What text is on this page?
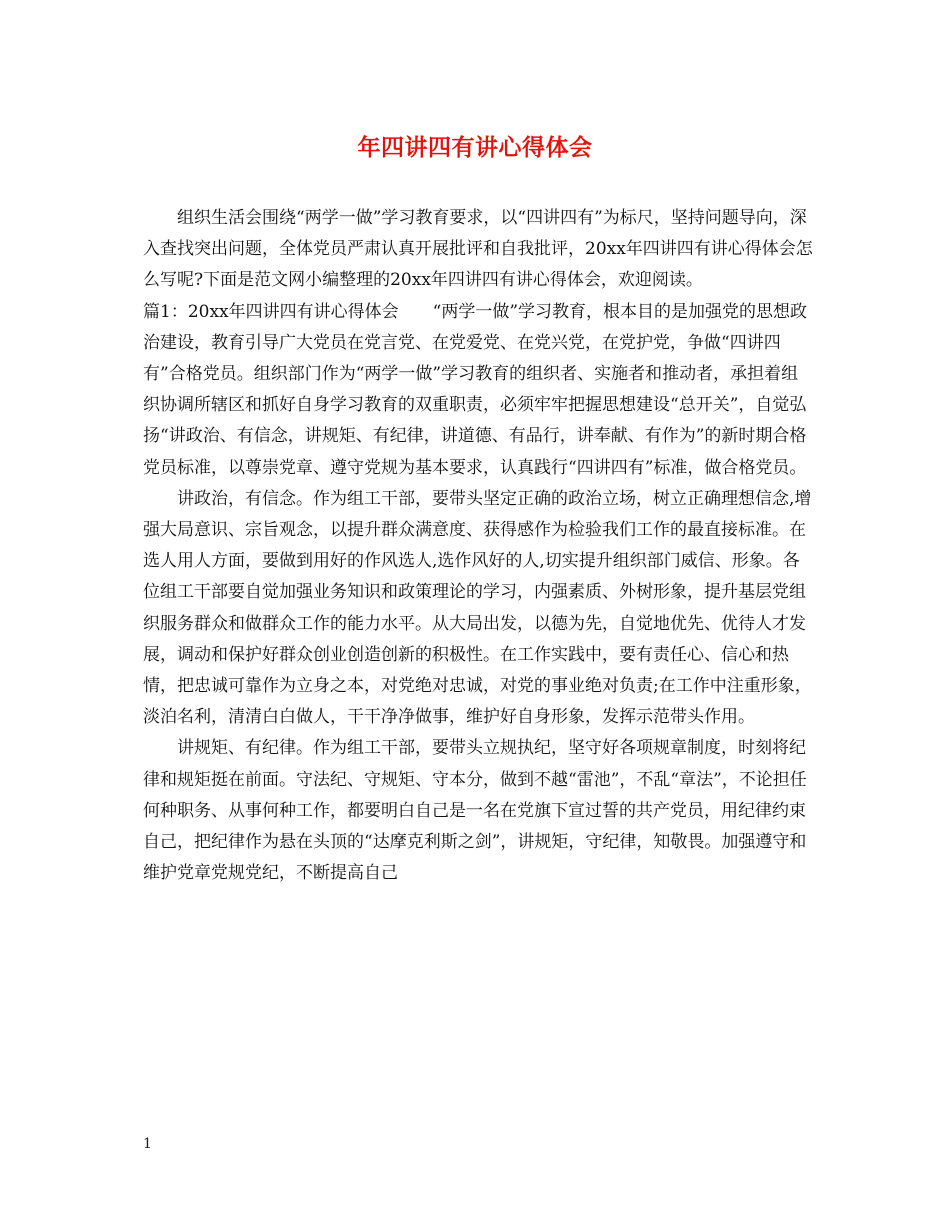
年四讲四有讲心得体会

组织生活会围绕“两学一做”学习教育要求，以“四讲四有”为标尺，坚持问题导向，深入查找突出问题，全体党员严肃认真开展批评和自我批评，20xx年四讲四有讲心得体会怎么写呢?下面是范文网小编整理的20xx年四讲四有讲心得体会，欢迎阅读。

篇1：20xx年四讲四有讲心得体会　　“两学一做”学习教育，根本目的是加强党的思想政治建设，教育引导广大党员在党言党、在党爱党、在党兴党，在党护党，争做“四讲四有”合格党员。组织部门作为“两学一做”学习教育的组织者、实施者和推动者，承担着组织协调所辖区和抓好自身学习教育的双重职责，必须牢牢把握思想建设“总开关”，自觉弘扬“讲政治、有信念，讲规矩、有纪律，讲道德、有品行，讲奉献、有作为”的新时期合格党员标准，以尊崇党章、遵守党规为基本要求，认真践行“四讲四有”标准，做合格党员。

讲政治，有信念。作为组工干部，要带头坚定正确的政治立场，树立正确理想信念,增强大局意识、宗旨观念，以提升群众满意度、获得感作为检验我们工作的最直接标准。在选人用人方面，要做到用好的作风选人,选作风好的人,切实提升组织部门威信、形象。各位组工干部要自觉加强业务知识和政策理论的学习，内强素质、外树形象，提升基层党组织服务群众和做群众工作的能力水平。从大局出发，以德为先，自觉地优先、优待人才发展，调动和保护好群众创业创造创新的积极性。在工作实践中，要有责任心、信心和热情，把忠诚可靠作为立身之本，对党绝对忠诚，对党的事业绝对负责;在工作中注重形象，淡泊名利，清清白白做人，干干净净做事，维护好自身形象，发挥示范带头作用。

讲规矩、有纪律。作为组工干部，要带头立规执纪，坚守好各项规章制度，时刻将纪律和规矩挺在前面。守法纪、守规矩、守本分，做到不越“雷池”，不乱“章法”，不论担任何种职务、从事何种工作，都要明白自己是一名在党旗下宣过誓的共产党员，用纪律约束自己，把纪律作为悬在头顶的“达摩克利斯之剑”，讲规矩，守纪律，知敬畏。加强遵守和维护党章党规党纪，不断提高自己

1
